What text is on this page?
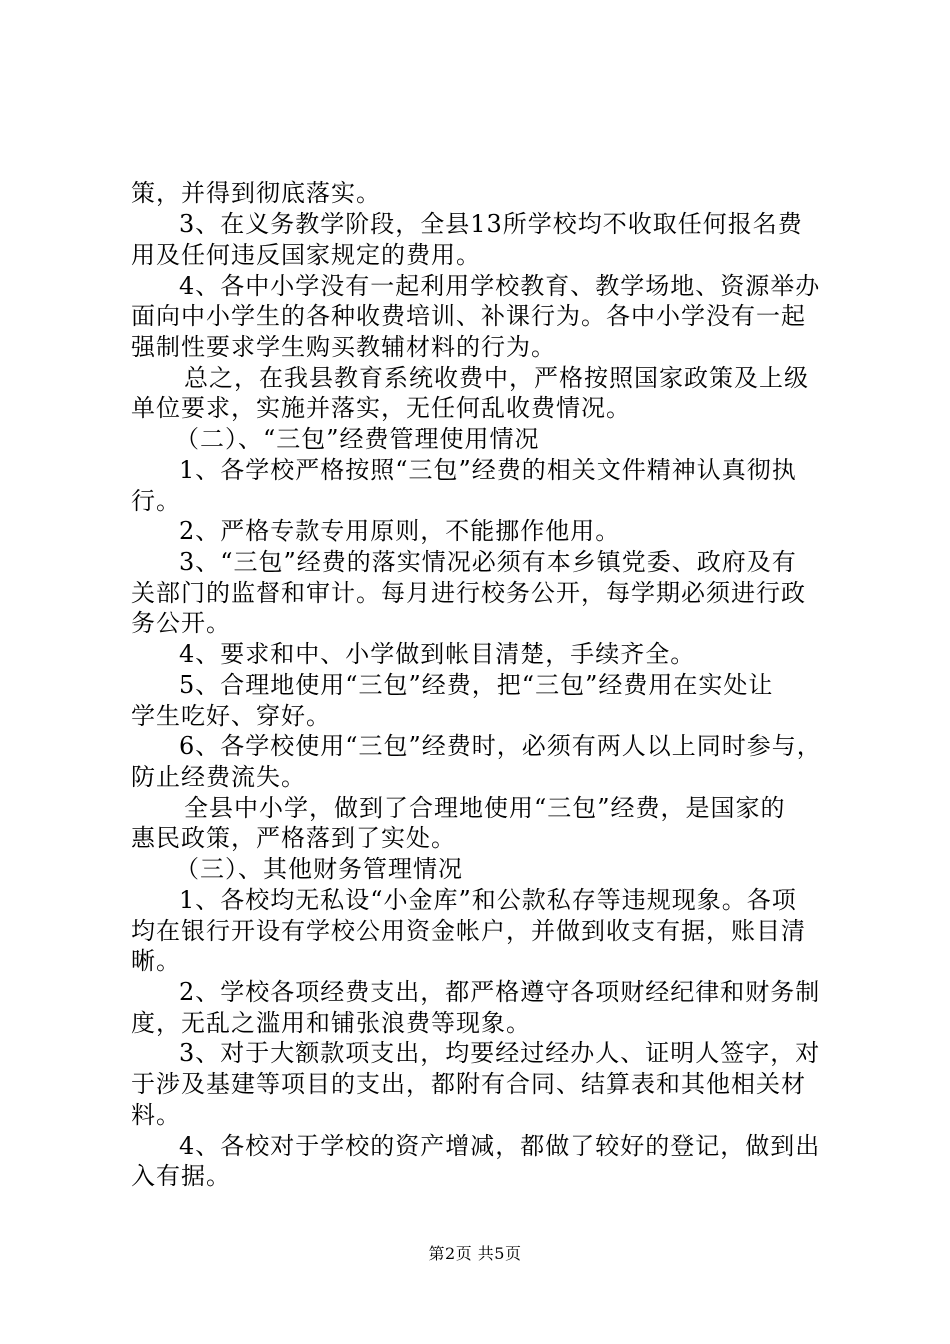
策，并得到彻底落实。
3、在义务教学阶段，全县13所学校均不收取任何报名费
用及任何违反国家规定的费用。
4、各中小学没有一起利用学校教育、教学场地、资源举办
面向中小学生的各种收费培训、补课行为。各中小学没有一起
强制性要求学生购买教辅材料的行为。
总之，在我县教育系统收费中，严格按照国家政策及上级
单位要求，实施并落实，无任何乱收费情况。
（二）、“三包”经费管理使用情况
1、各学校严格按照“三包”经费的相关文件精神认真彻执
行。
2、严格专款专用原则，不能挪作他用。
3、“三包”经费的落实情况必须有本乡镇党委、政府及有
关部门的监督和审计。每月进行校务公开，每学期必须进行政
务公开。
4、要求和中、小学做到帐目清楚，手续齐全。
5、合理地使用“三包”经费，把“三包”经费用在实处让
学生吃好、穿好。
6、各学校使用“三包”经费时，必须有两人以上同时参与，
防止经费流失。
全县中小学，做到了合理地使用“三包”经费，是国家的
惠民政策，严格落到了实处。
（三）、其他财务管理情况
1、各校均无私设“小金库”和公款私存等违规现象。各项
均在银行开设有学校公用资金帐户，并做到收支有据，账目清
晰。
2、学校各项经费支出，都严格遵守各项财经纪律和财务制
度，无乱之滥用和铺张浪费等现象。
3、对于大额款项支出，均要经过经办人、证明人签字，对
于涉及基建等项目的支出，都附有合同、结算表和其他相关材
料。
4、各校对于学校的资产增减，都做了较好的登记，做到出
入有据。
第2页 共5页
